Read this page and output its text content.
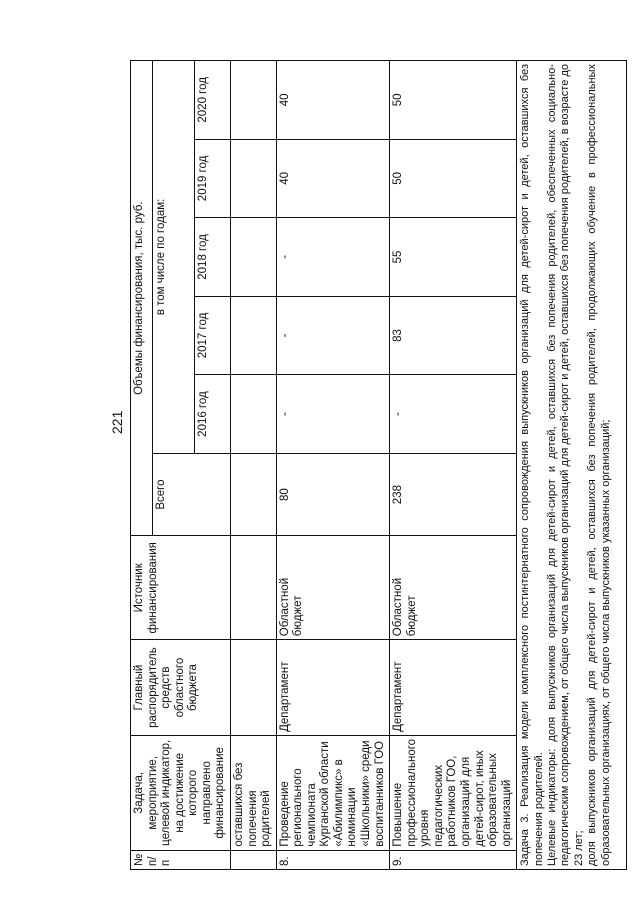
221
№ п/п	Задача, мероприятие, целевой индикатор, на достижение которого направлено финансирование	Главный распорядитель средств областного бюджета	Источник финансирования	Объемы финансирования, тыс. руб.					
				Всего	в том числе по годам:				
					2016 год	2017 год	2018 год	2019 год	2020 год
	оставшихся без попечения родителей								
8.	Проведение регионального чемпионата Курганской области «Абилимпикс» в номинации «Школьники» среди воспитанников ГОО	Департамент	Областной бюджет	80	-	-	-	40	40
9.	Повышение профессионального уровня педагогических работников ГОО, организаций для детей-сирот, иных образовательных организаций	Департамент	Областной бюджет	238	-	83	55	50	50

Задача 3. Реализация модели комплексного постинтернатного сопровождения выпускников организаций для детей-сирот и детей, оставшихся без попечения родителей. Целевые индикаторы: доля выпускников организаций для детей-сирот и детей, оставшихся без попечения родителей, обеспеченных социально-педагогическим сопровождением, от общего числа выпускников организаций для детей-сирот и детей, оставшихся без попечения родителей, в возрасте до 23 лет; доля выпускников организаций для детей-сирот и детей, оставшихся без попечения родителей, продолжающих обучение в профессиональных образовательных организациях, от общего числа выпускников указанных организаций;									
